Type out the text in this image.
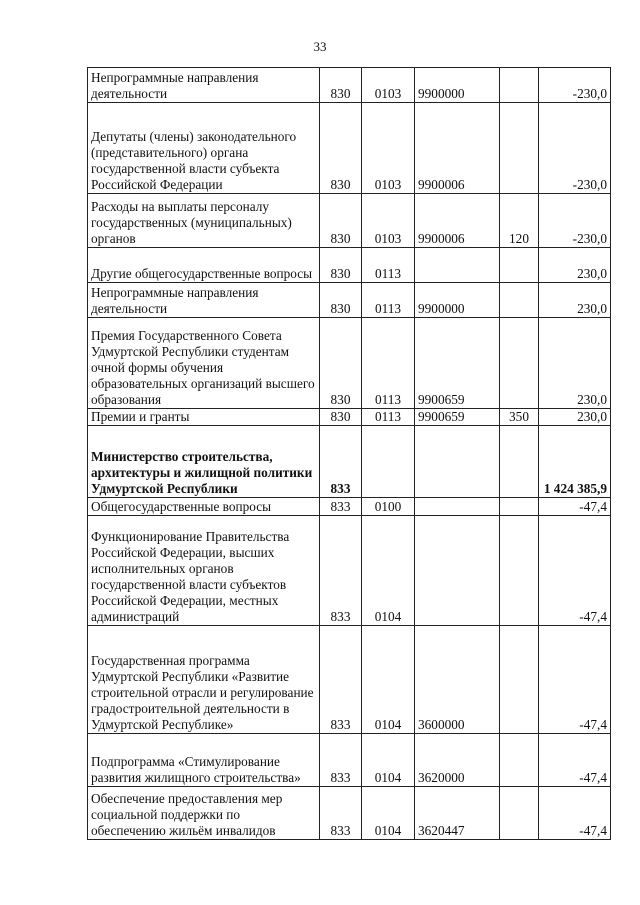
33
Непрограммные направления деятельности	830	0103	9900000		-230,0
Депутаты (члены) законодательного (представительного) органа государственной власти субъекта Российской Федерации	830	0103	9900006		-230,0
Расходы на выплаты персоналу государственных (муниципальных) органов	830	0103	9900006	120	-230,0
Другие общегосударственные вопросы	830	0113			230,0
Непрограммные направления деятельности	830	0113	9900000		230,0
Премия Государственного Совета Удмуртской Республики студентам очной формы обучения образовательных организаций высшего образования	830	0113	9900659		230,0
Премии и гранты	830	0113	9900659	350	230,0
Министерство строительства, архитектуры и жилищной политики Удмуртской Республики	833				1 424 385,9
Общегосударственные вопросы	833	0100			-47,4
Функционирование Правительства Российской Федерации, высших исполнительных органов государственной власти субъектов Российской Федерации, местных администраций	833	0104			-47,4
Государственная программа Удмуртской Республики «Развитие строительной отрасли и регулирование градостроительной деятельности в Удмуртской Республике»	833	0104	3600000		-47,4
Подпрограмма «Стимулирование развития жилищного строительства»	833	0104	3620000		-47,4
Обеспечение предоставления мер социальной поддержки по обеспечению жильём инвалидов	833	0104	3620447		-47,4
